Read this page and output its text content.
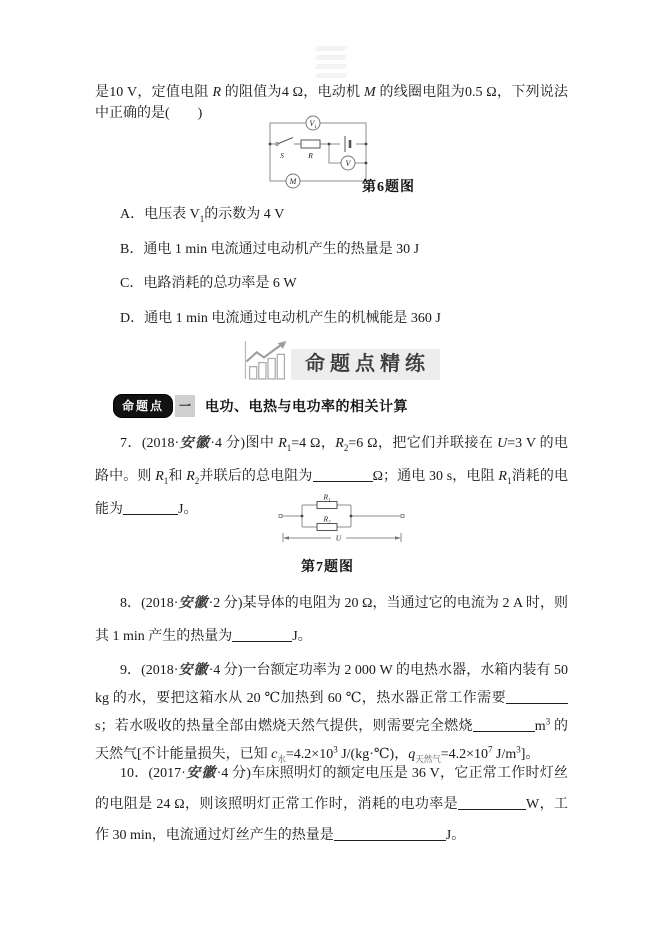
是10 V，定值电阻 R 的阻值为4 Ω，电动机 M 的线圈电阻为0.5 Ω，下列说法中正确的是(　　)

$V_1$
V
M
S	R
第6题图
A．电压表 $V_1$的示数为 4 V
B．通电 1 min 电流通过电动机产生的热量是 30 J
C．电路消耗的总功率是 6 W
D．通电 1 min 电流通过电动机产生的机械能是 360 J
命题点精练
命题点	一 电功、电热与电功率的相关计算

7．(2018·安徽·4 分)图中 $R_1=4$ Ω，$R_2=6$ Ω，把它们并联接在 U=3 V 的电路中。则 $R_1$和 $R_2$并联后的总电阻为	Ω；通电 30 s，电阻 $R_1$消耗的电能为	J。

$R_1$
$R_2$
U
第7题图

8．(2018·安徽·2 分)某导体的电阻为 20 Ω，当通过它的电流为 2 A 时，则其 1 min 产生的热量为	J。

9．(2018·安徽·4 分)一台额定功率为 2 000 W 的电热水器，水箱内装有 50 kg 的水，要把这箱水从 20 ℃加热到 60 ℃，热水器正常工作需要s；若水吸收的热量全部由燃烧天然气提供，则需要完全燃烧	$m^3$ 的天然气[不计能量损失，已知 $c_水=4.2\times 10^3$ J/(kg·℃)，$q_{天然气}=4.2\times 10^7$ $J/m^3$]。

10．(2017·安徽·4 分)车床照明灯的额定电压是 36 V，它正常工作时灯丝的电阻是 24 Ω，则该照明灯正常工作时，消耗的电功率是	W，工作 30 min，电流通过灯丝产生的热量是	J。
